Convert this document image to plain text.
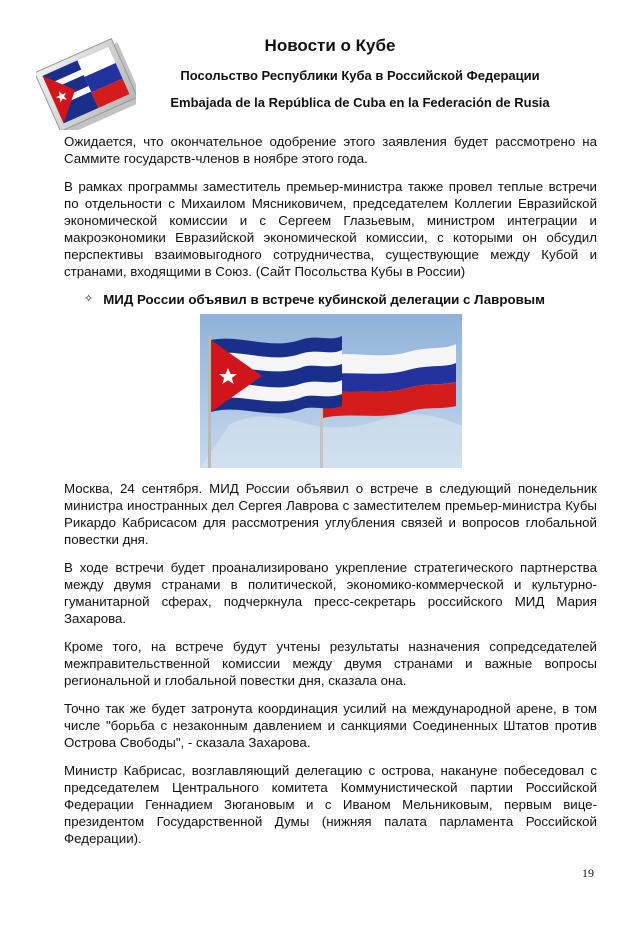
Новости о Кубе
Посольство Республики Куба в Российской Федерации
Embajada de la República de Cuba en la Federación de Rusia

Ожидается, что окончательное одобрение этого заявления будет рассмотрено на Саммите государств-членов в ноябре этого года.

В рамках программы заместитель премьер-министра также провел теплые встречи по отдельности с Михаилом Мясниковичем, председателем Коллегии Евразийской экономической комиссии и с Сергеем Глазьевым, министром интеграции и макроэкономики Евразийской экономической комиссии, с которыми он обсудил перспективы взаимовыгодного сотрудничества, существующие между Кубой и странами, входящими в Союз. (Сайт Посольства Кубы в России)

✧ МИД России объявил в встрече кубинской делегации с Лавровым

Москва, 24 сентября. МИД России объявил о встрече в следующий понедельник министра иностранных дел Сергея Лаврова с заместителем премьер-министра Кубы Рикардо Кабрисасом для рассмотрения углубления связей и вопросов глобальной повестки дня.

В ходе встречи будет проанализировано укрепление стратегического партнерства между двумя странами в политической, экономико-коммерческой и культурно-гуманитарной сферах, подчеркнула пресс-секретарь российского МИД Мария Захарова.

Кроме того, на встрече будут учтены результаты назначения сопредседателей межправительственной комиссии между двумя странами и важные вопросы региональной и глобальной повестки дня, сказала она.

Точно так же будет затронута координация усилий на международной арене, в том числе "борьба с незаконным давлением и санкциями Соединенных Штатов против Острова Свободы", - сказала Захарова.

Министр Кабрисас, возглавляющий делегацию с острова, накануне побеседовал с председателем Центрального комитета Коммунистической партии Российской Федерации Геннадием Зюгановым и с Иваном Мельниковым, первым вице-президентом Государственной Думы (нижняя палата парламента Российской Федерации).

19
